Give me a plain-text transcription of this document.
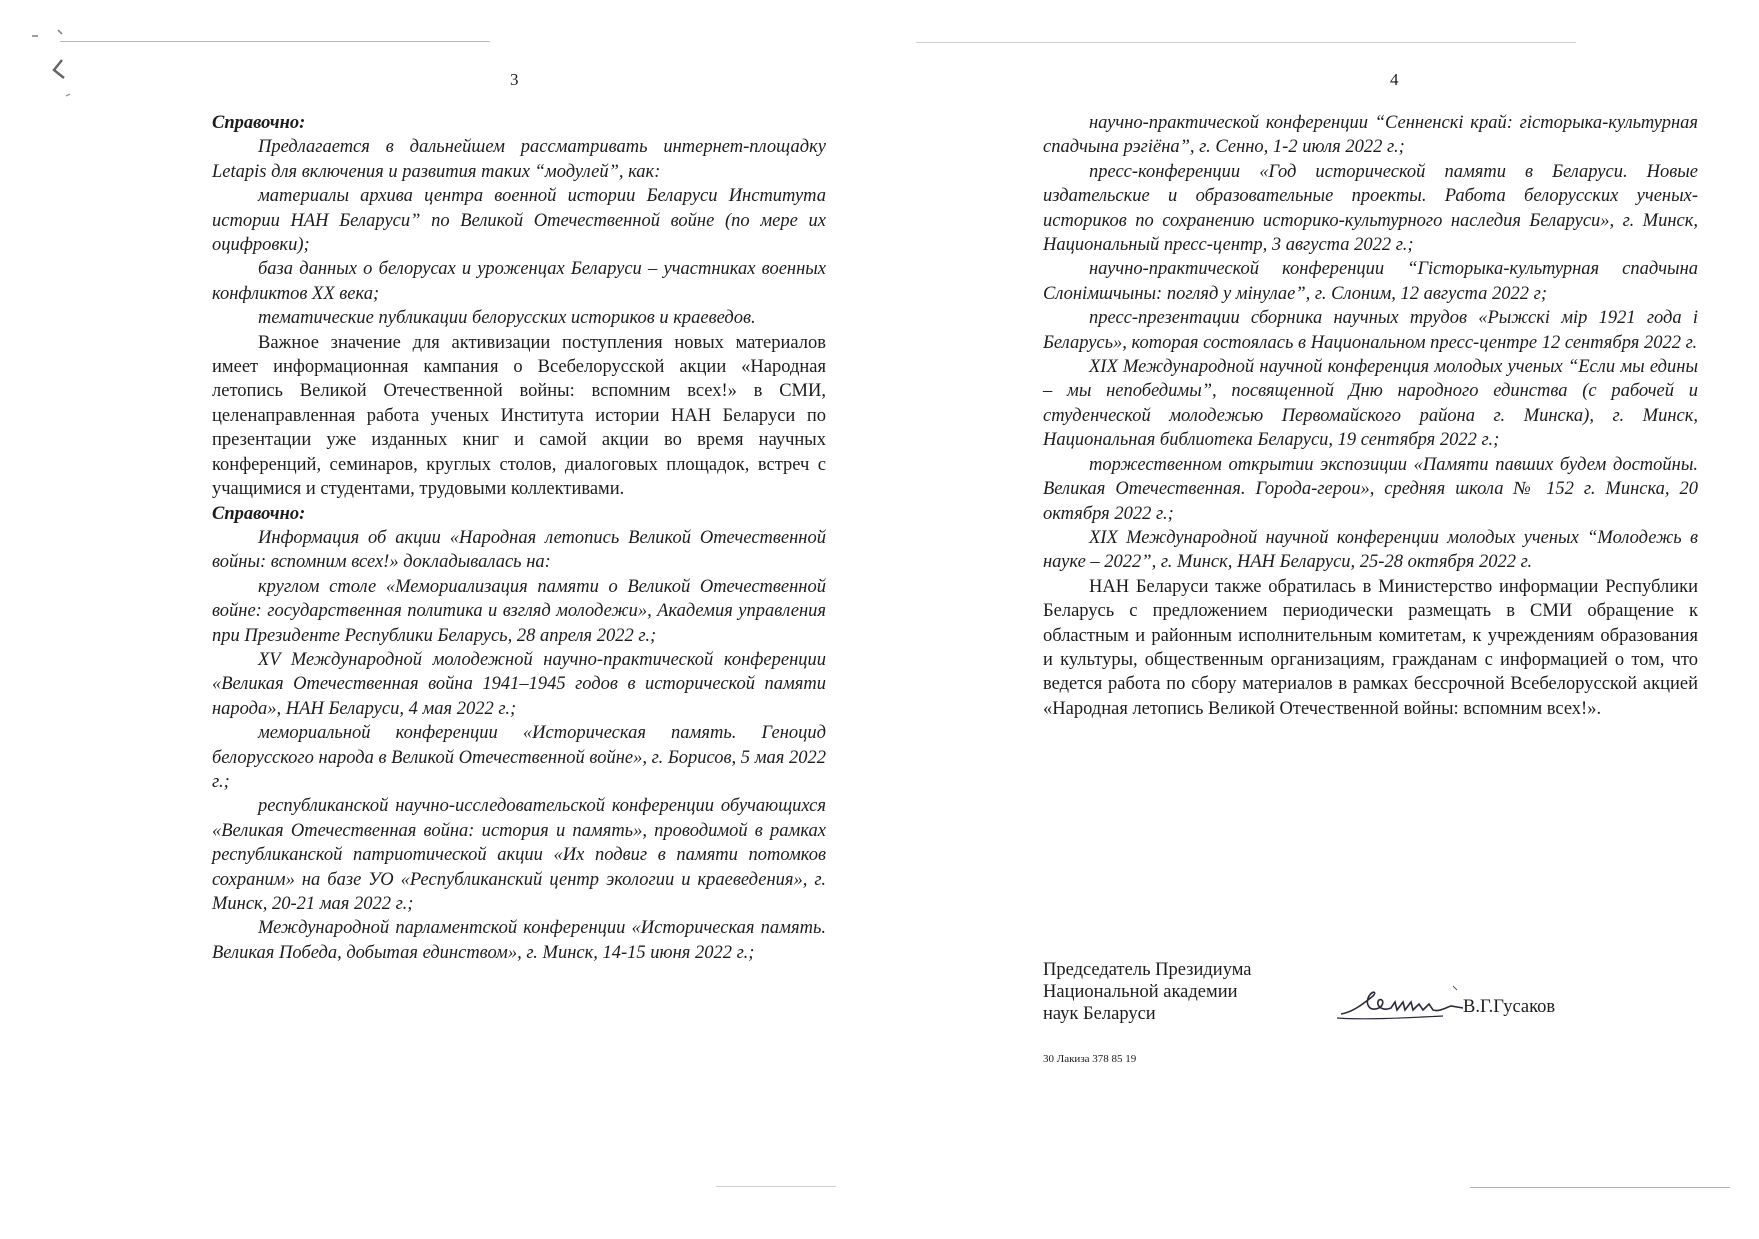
3

Справочно:

Предлагается в дальнейшем рассматривать интернет-площадку Letapis для включения и развития таких “модулей”, как:

материалы архива центра военной истории Беларуси Института истории НАН Беларуси” по Великой Отечественной войне (по мере их оцифровки);

база данных о белорусах и уроженцах Беларуси – участниках военных конфликтов XX века;

тематические публикации белорусских историков и краеведов.

Важное значение для активизации поступления новых материалов имеет информационная кампания о Всебелорусской акции «Народная летопись Великой Отечественной войны: вспомним всех!» в СМИ, целенаправленная работа ученых Института истории НАН Беларуси по презентации уже изданных книг и самой акции во время научных конференций, семинаров, круглых столов, диалоговых площадок, встреч с учащимися и студентами, трудовыми коллективами.

Справочно:

Информация об акции «Народная летопись Великой Отечественной войны: вспомним всех!» докладывалась на:

круглом столе «Мемориализация памяти о Великой Отечественной войне: государственная политика и взгляд молодежи», Академия управления при Президенте Республики Беларусь, 28 апреля 2022 г.;

XV Международной молодежной научно-практической конференции «Великая Отечественная война 1941–1945 годов в исторической памяти народа», НАН Беларуси, 4 мая 2022 г.;

мемориальной конференции «Историческая память. Геноцид белорусского народа в Великой Отечественной войне», г. Борисов, 5 мая 2022 г.;

республиканской научно-исследовательской конференции обучающихся «Великая Отечественная война: история и память», проводимой в рамках республиканской патриотической акции «Их подвиг в памяти потомков сохраним» на базе УО «Республиканский центр экологии и краеведения», г. Минск, 20-21 мая 2022 г.;

Международной парламентской конференции «Историческая память. Великая Победа, добытая единством», г. Минск, 14-15 июня 2022 г.;

4

научно-практической конференции “Сенненскі край: гісторыка-культурная спадчына рэгіёна”, г. Сенно, 1-2 июля 2022 г.;

пресс-конференции «Год исторической памяти в Беларуси. Новые издательские и образовательные проекты. Работа белорусских ученых-историков по сохранению историко-культурного наследия Беларуси», г. Минск, Национальный пресс-центр, 3 августа 2022 г.;

научно-практической конференции “Гісторыка-культурная спадчына Слонімшчыны: погляд у мінулае”, г. Слоним, 12 августа 2022 г;

пресс-презентации сборника научных трудов «Рыжскі мір 1921 года і Беларусь», которая состоялась в Национальном пресс-центре 12 сентября 2022 г.

XIX Международной научной конференция молодых ученых “Если мы едины – мы непобедимы”, посвященной Дню народного единства (с рабочей и студенческой молодежью Первомайского района г. Минска), г. Минск, Национальная библиотека Беларуси, 19 сентября 2022 г.;

торжественном открытии экспозиции «Памяти павших будем достойны. Великая Отечественная. Города-герои», средняя школа № 152 г. Минска, 20 октября 2022 г.;

XIX Международной научной конференции молодых ученых “Молодежь в науке – 2022”, г. Минск, НАН Беларуси, 25-28 октября 2022 г.

НАН Беларуси также обратилась в Министерство информации Республики Беларусь с предложением периодически размещать в СМИ обращение к областным и районным исполнительным комитетам, к учреждениям образования и культуры, общественным организациям, гражданам с информацией о том, что ведется работа по сбору материалов в рамках бессрочной Всебелорусской акцией «Народная летопись Великой Отечественной войны: вспомним всех!».

Председатель Президиума
Национальной академии
наук Беларуси	В.Г.Гусаков
30 Лакиза 378 85 19
